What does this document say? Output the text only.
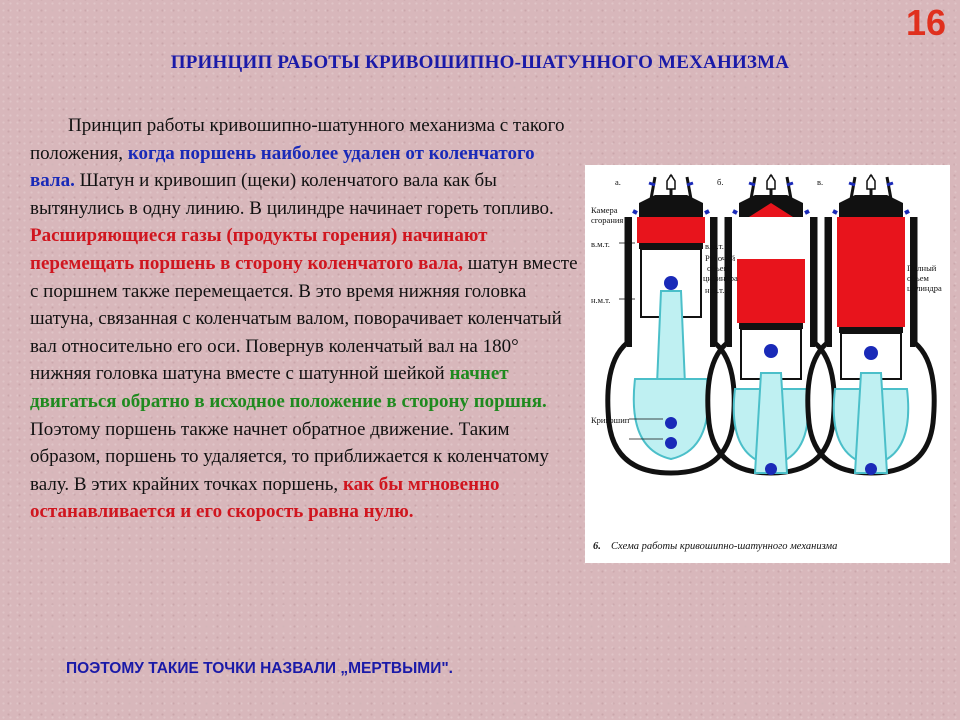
16
ПРИНЦИП РАБОТЫ КРИВОШИПНО-ШАТУННОГО МЕХАНИЗМА

Принцип работы кривошипно-шатунного механизма с такого положения, когда поршень наиболее удален от коленчатого вала. Шатун и кривошип (щеки) коленчатого вала как бы вытянулись в одну линию. В цилиндре начинает гореть топливо. Расширяющиеся газы (продукты горения) начинают перемещать поршень в сторону коленчатого вала, шатун вместе с поршнем также перемещается. В это время нижняя головка шатуна, связанная с коленчатым валом, поворачивает коленчатый вал относительно его оси. Повернув коленчатый вал на 180° нижняя головка шатуна вместе с шатунной шейкой начнет двигаться обратно в исходное положение в сторону поршня. Поэтому поршень также начнет обратное движение. Таким образом, поршень то удаляется, то приближается к коленчатому валу. В этих крайних точках поршень, как бы мгновенно останавливается и его скорость равна нулю.

ПОЭТОМУ ТАКИЕ ТОЧКИ НАЗВАЛИ „МЕРТВЫМИ".
а.	б.	в.
Камера
сгорания
в.м.т.
н.м.т.
Кривошип
в.м.т.
Рабочий
объем
цилиндра
н.м.т.
Полный
объем
цилиндра
6. Схема работы кривошипно-шатунного механизма
